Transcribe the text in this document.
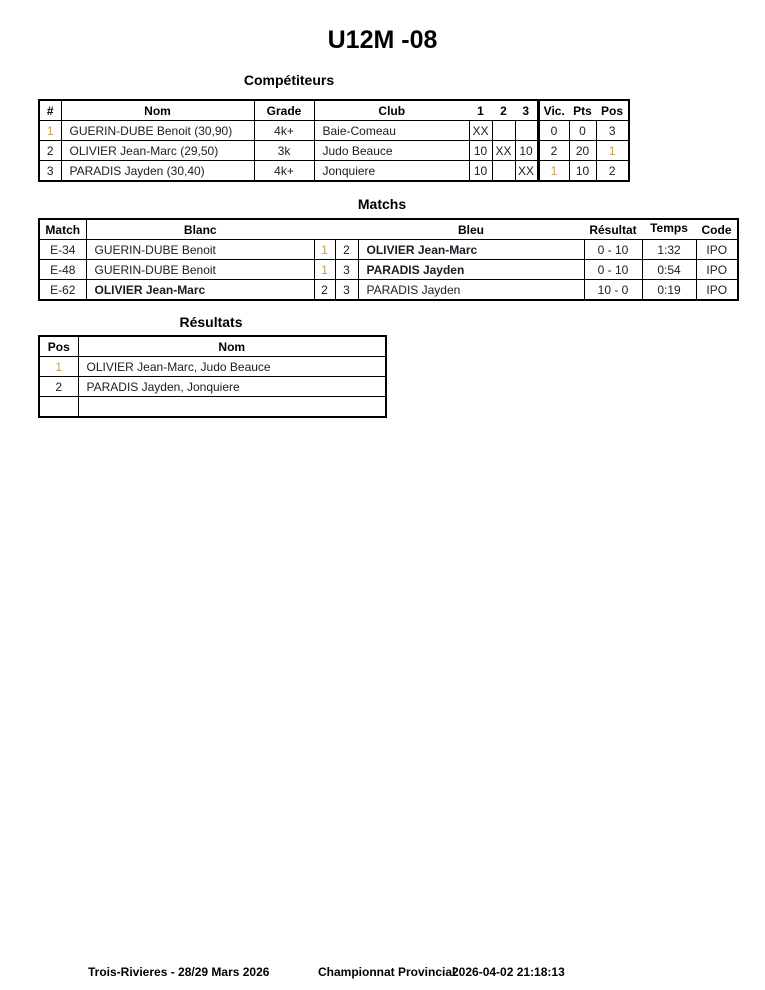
U12M -08
Compétiteurs
#	Nom	Grade	Club	1	2	3	Vic.	Pts	Pos
1	GUERIN-DUBE Benoit (30,90)	4k+	Baie-Comeau	XX			0	0	3
2	OLIVIER Jean-Marc (29,50)	3k	Judo Beauce	10	XX	10	2	20	1
3	PARADIS Jayden (30,40)	4k+	Jonquiere	10		XX	1	10	2
Matchs
Match	Blanc			Bleu	Résultat	Temps	Code
E-34	GUERIN-DUBE Benoit	1	2	OLIVIER Jean-Marc	0 - 10	1:32	IPO
E-48	GUERIN-DUBE Benoit	1	3	PARADIS Jayden	0 - 10	0:54	IPO
E-62	OLIVIER Jean-Marc	2	3	PARADIS Jayden	10 - 0	0:19	IPO
Résultats
Pos	Nom
1	OLIVIER Jean-Marc, Judo Beauce
2	PARADIS Jayden, Jonquiere

Trois-Rivieres - 28/29 Mars 2026	Championnat Provincial
2026-04-02 21:18:13
